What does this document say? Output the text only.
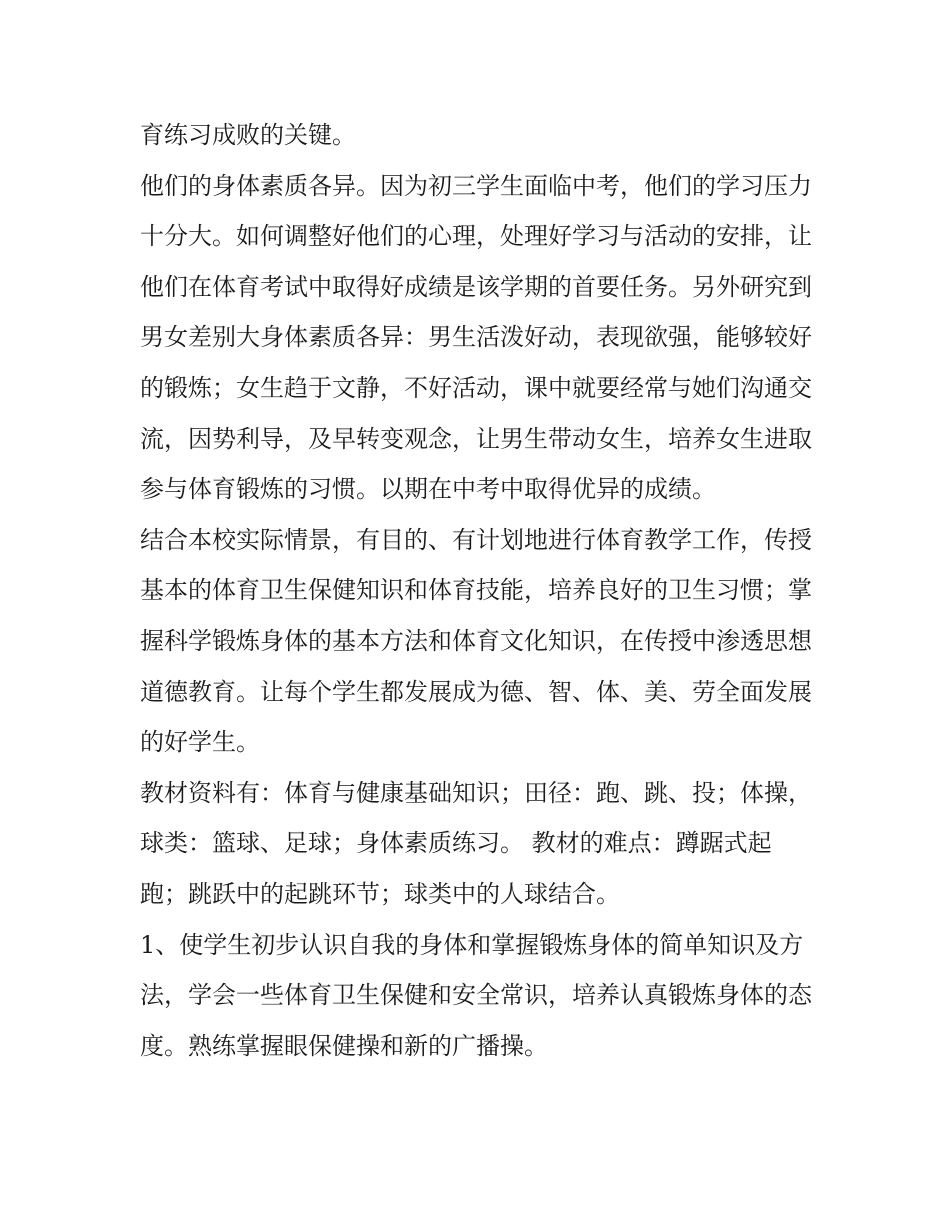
育练习成败的关键。

他们的身体素质各异。因为初三学生面临中考，他们的学习压力十分大。如何调整好他们的心理，处理好学习与活动的安排，让他们在体育考试中取得好成绩是该学期的首要任务。另外研究到男女差别大身体素质各异：男生活泼好动，表现欲强，能够较好的锻炼；女生趋于文静，不好活动，课中就要经常与她们沟通交流，因势利导，及早转变观念，让男生带动女生，培养女生进取参与体育锻炼的习惯。以期在中考中取得优异的成绩。

结合本校实际情景，有目的、有计划地进行体育教学工作，传授基本的体育卫生保健知识和体育技能，培养良好的卫生习惯；掌握科学锻炼身体的基本方法和体育文化知识，在传授中渗透思想道德教育。让每个学生都发展成为德、智、体、美、劳全面发展的好学生。

教材资料有：体育与健康基础知识；田径：跑、跳、投；体操，球类：篮球、足球；身体素质练习。 教材的难点：蹲踞式起跑；跳跃中的起跳环节；球类中的人球结合。

1、使学生初步认识自我的身体和掌握锻炼身体的简单知识及方法，学会一些体育卫生保健和安全常识，培养认真锻炼身体的态度。熟练掌握眼保健操和新的广播操。
